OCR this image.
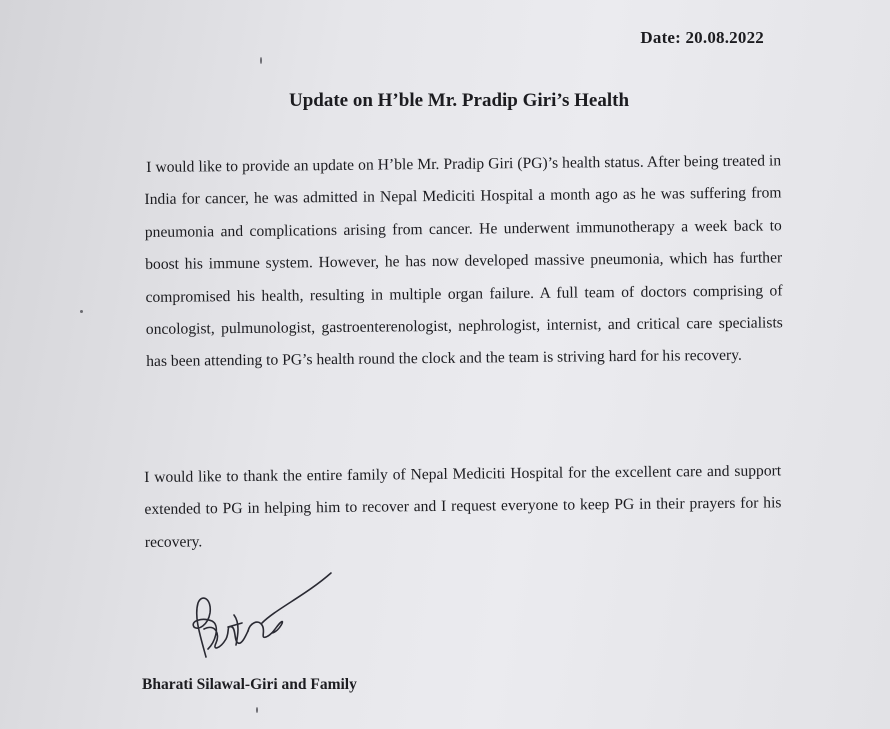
Date: 20.08.2022
Update on H’ble Mr. Pradip Giri’s Health
I would like to provide an update on H’ble Mr. Pradip Giri (PG)’s health status. After being treated in India for cancer, he was admitted in Nepal Mediciti Hospital a month ago as he was suffering from pneumonia and complications arising from cancer. He underwent immunotherapy a week back to boost his immune system. However, he has now developed massive pneumonia, which has further compromised his health, resulting in multiple organ failure. A full team of doctors comprising of oncologist, pulmunologist, gastroenterenologist, nephrologist, internist, and critical care specialists has been attending to PG’s health round the clock and the team is striving hard for his recovery.
I would like to thank the entire family of Nepal Mediciti Hospital for the excellent care and support extended to PG in helping him to recover and I request everyone to keep PG in their prayers for his recovery.
Bharati Silawal-Giri and Family
